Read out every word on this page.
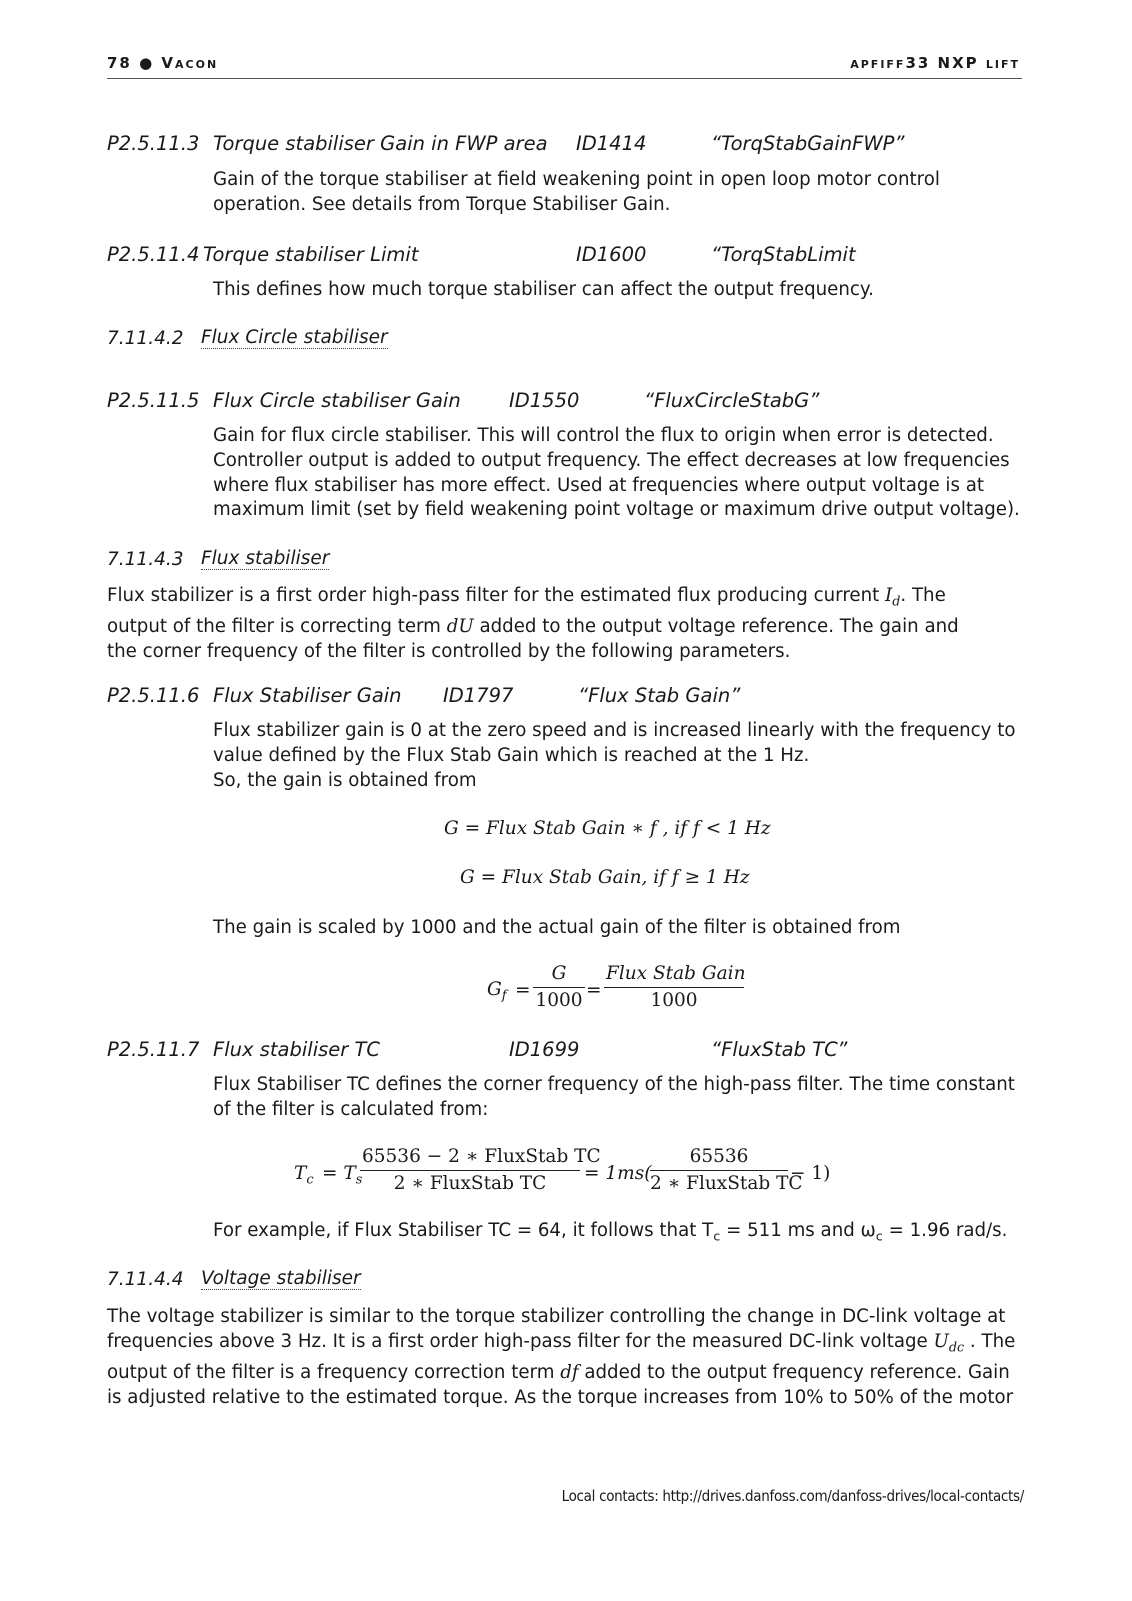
78 ● Vacon	apfiff33 NXP lift
P2.5.11.3 Torque stabiliser Gain in FWP area ID1414	“TorqStabGainFWP”
Gain of the torque stabiliser at field weakening point in open loop motor control
operation. See details from Torque Stabiliser Gain.
P2.5.11.4 Torque stabiliser Limit	ID1600	“TorqStabLimit
This defines how much torque stabiliser can affect the output frequency.
7.11.4.2 Flux Circle stabiliser
P2.5.11.5 Flux Circle stabiliser Gain ID1550	“FluxCircleStabG”
Gain for flux circle stabiliser. This will control the flux to origin when error is detected.
Controller output is added to output frequency. The effect decreases at low frequencies
where flux stabiliser has more effect. Used at frequencies where output voltage is at
maximum limit (set by field weakening point voltage or maximum drive output voltage).
7.11.4.3 Flux stabiliser
Flux stabilizer is a first order high-pass filter for the estimated flux producing current $I_d$. The
output of the filter is correcting term dU added to the output voltage reference. The gain and
the corner frequency of the filter is controlled by the following parameters.
P2.5.11.6 Flux Stabiliser Gain ID1797	“Flux Stab Gain”
Flux stabilizer gain is 0 at the zero speed and is increased linearly with the frequency to
value defined by the Flux Stab Gain which is reached at the 1 Hz.
So, the gain is obtained from
G = Flux Stab Gain ∗ f , if f < 1 Hz
G = Flux Stab Gain, if f ≥ 1 Hz
The gain is scaled by 1000 and the actual gain of the filter is obtained from
$G_f = \frac{G}{1000}$ =
Flux Stab Gain
1000
P2.5.11.7 Flux stabiliser TC	ID1699	“FluxStab TC”
Flux Stabiliser TC defines the corner frequency of the high-pass filter. The time constant
of the filter is calculated from:
$T_c = T_s$
65536 − 2 ∗ FluxStab TC
2 ∗ FluxStab TC	= 1ms(
65536
2 ∗ FluxStab TC
− 1)
For example, if Flux Stabiliser TC = 64, it follows that $T_c = 511$ ms and $\omega_c = 1.96$ rad/s.
7.11.4.4 Voltage stabiliser
The voltage stabilizer is similar to the torque stabilizer controlling the change in DC-link voltage at
frequencies above 3 Hz. It is a first order high-pass filter for the measured DC-link voltage $U_{dc}$ . The
output of the filter is a frequency correction term df added to the output frequency reference. Gain
is adjusted relative to the estimated torque. As the torque increases from 10% to 50% of the motor
Local contacts: http://drives.danfoss.com/danfoss-drives/local-contacts/
